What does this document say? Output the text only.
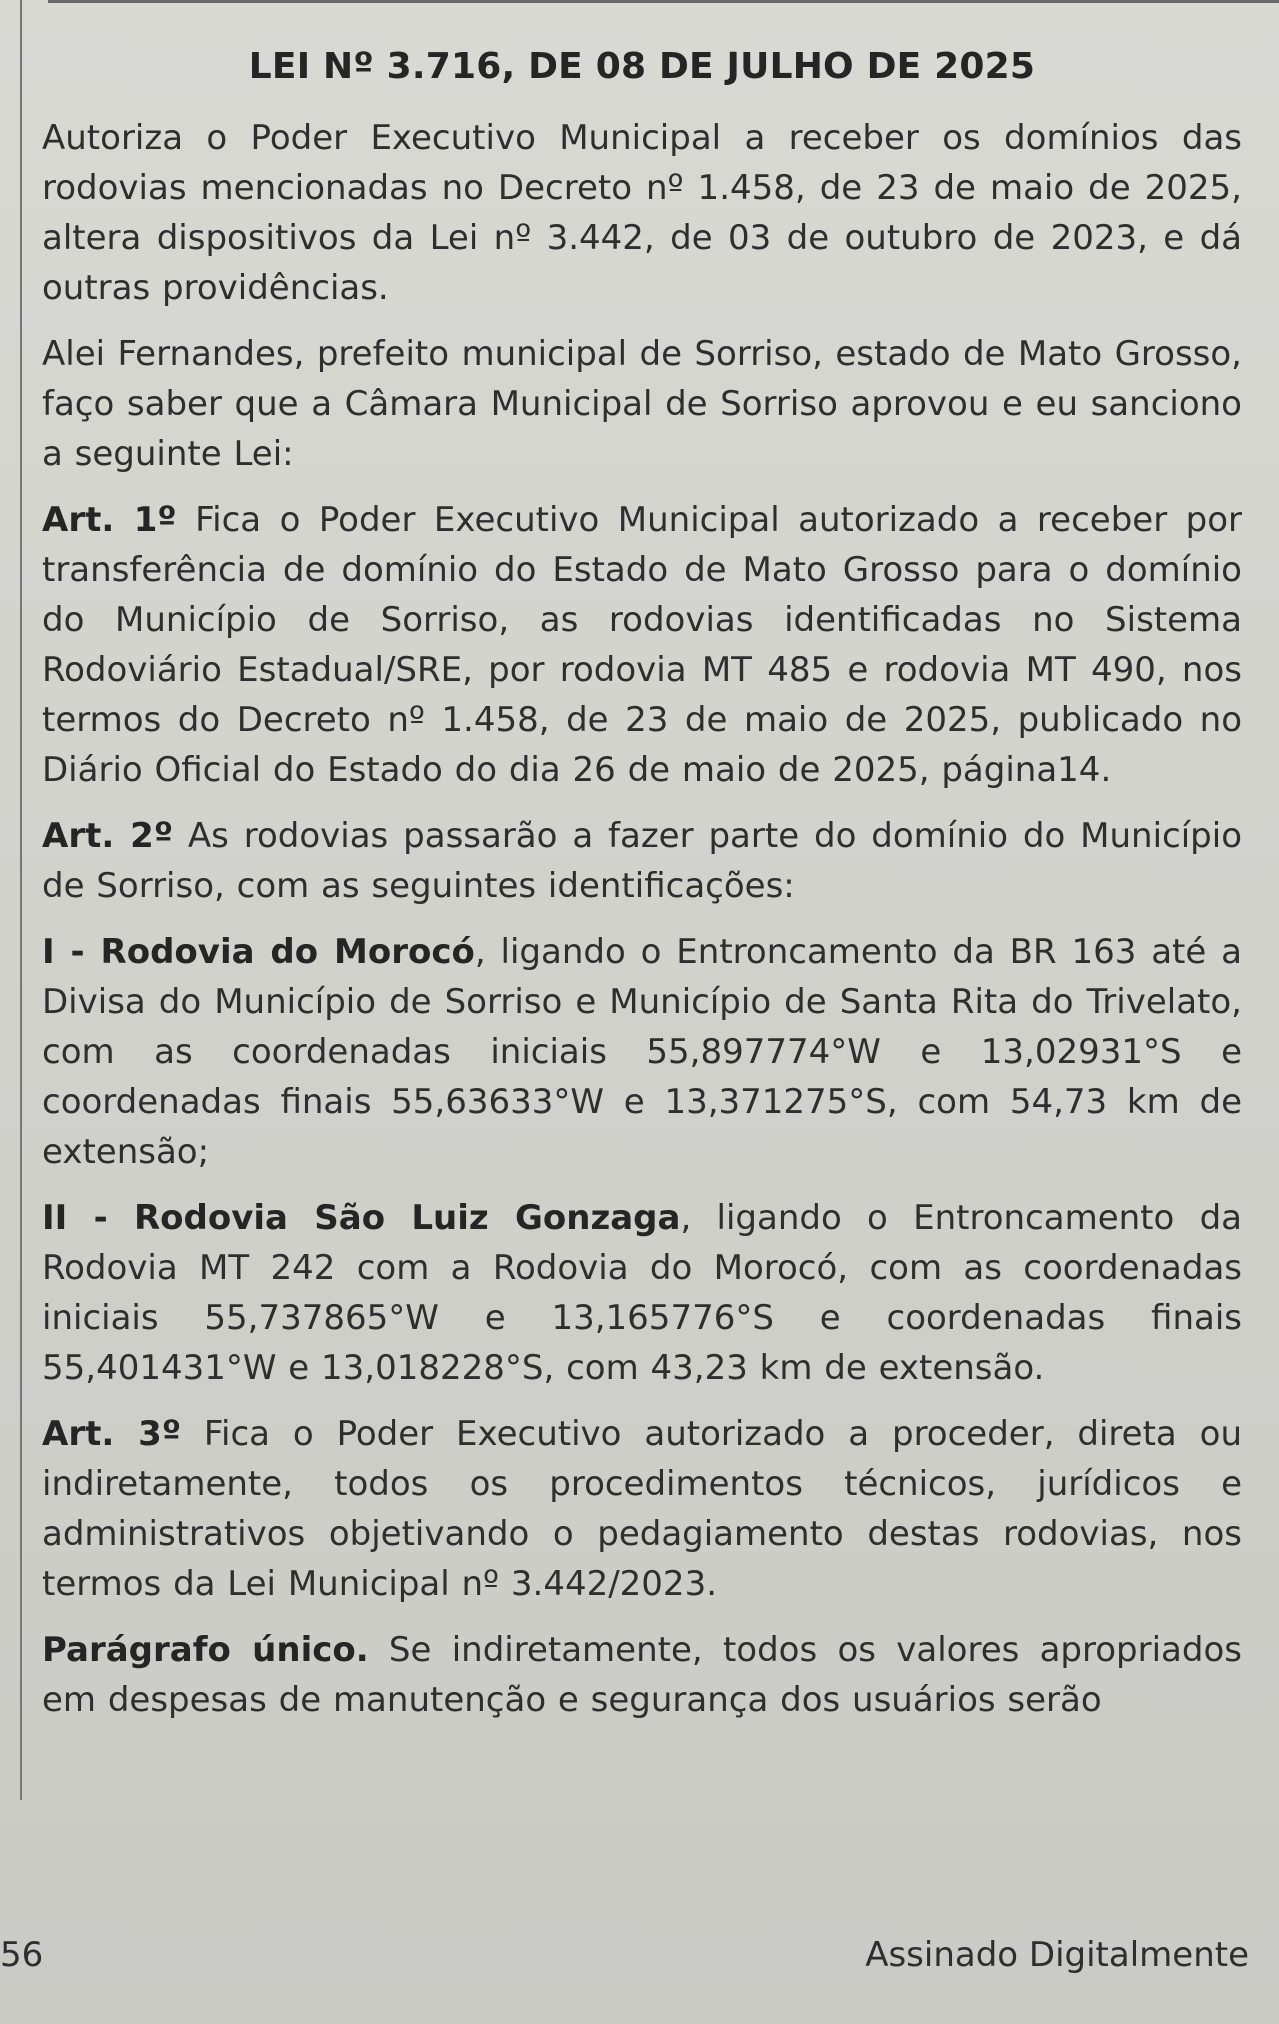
LEI Nº 3.716, DE 08 DE JULHO DE 2025

Autoriza o Poder Executivo Municipal a receber os domínios das rodovias mencionadas no Decreto nº 1.458, de 23 de maio de 2025, altera dispositivos da Lei nº 3.442, de 03 de outubro de 2023, e dá outras providências.

Alei Fernandes, prefeito municipal de Sorriso, estado de Mato Grosso, faço saber que a Câmara Municipal de Sorriso aprovou e eu sanciono a seguinte Lei:

Art. 1º Fica o Poder Executivo Municipal autorizado a receber por transferência de domínio do Estado de Mato Grosso para o domínio do Município de Sorriso, as rodovias identificadas no Sistema Rodoviário Estadual/SRE, por rodovia MT 485 e rodovia MT 490, nos termos do Decreto nº 1.458, de 23 de maio de 2025, publicado no Diário Oficial do Estado do dia 26 de maio de 2025, página14.

Art. 2º As rodovias passarão a fazer parte do domínio do Município de Sorriso, com as seguintes identificações:

I - Rodovia do Morocó, ligando o Entroncamento da BR 163 até a Divisa do Município de Sorriso e Município de Santa Rita do Trivelato, com as coordenadas iniciais 55,897774°W e 13,02931°S e coordenadas finais 55,63633°W e 13,371275°S, com 54,73 km de extensão;

II - Rodovia São Luiz Gonzaga, ligando o Entroncamento da Rodovia MT 242 com a Rodovia do Morocó, com as coordenadas iniciais 55,737865°W e 13,165776°S e coordenadas finais 55,401431°W e 13,018228°S, com 43,23 km de extensão.

Art. 3º Fica o Poder Executivo autorizado a proceder, direta ou indiretamente, todos os procedimentos técnicos, jurídicos e administrativos objetivando o pedagiamento destas rodovias, nos termos da Lei Municipal nº 3.442/2023.

Parágrafo único. Se indiretamente, todos os valores apropriados em despesas de manutenção e segurança dos usuários serão

56	Assinado Digitalmente
